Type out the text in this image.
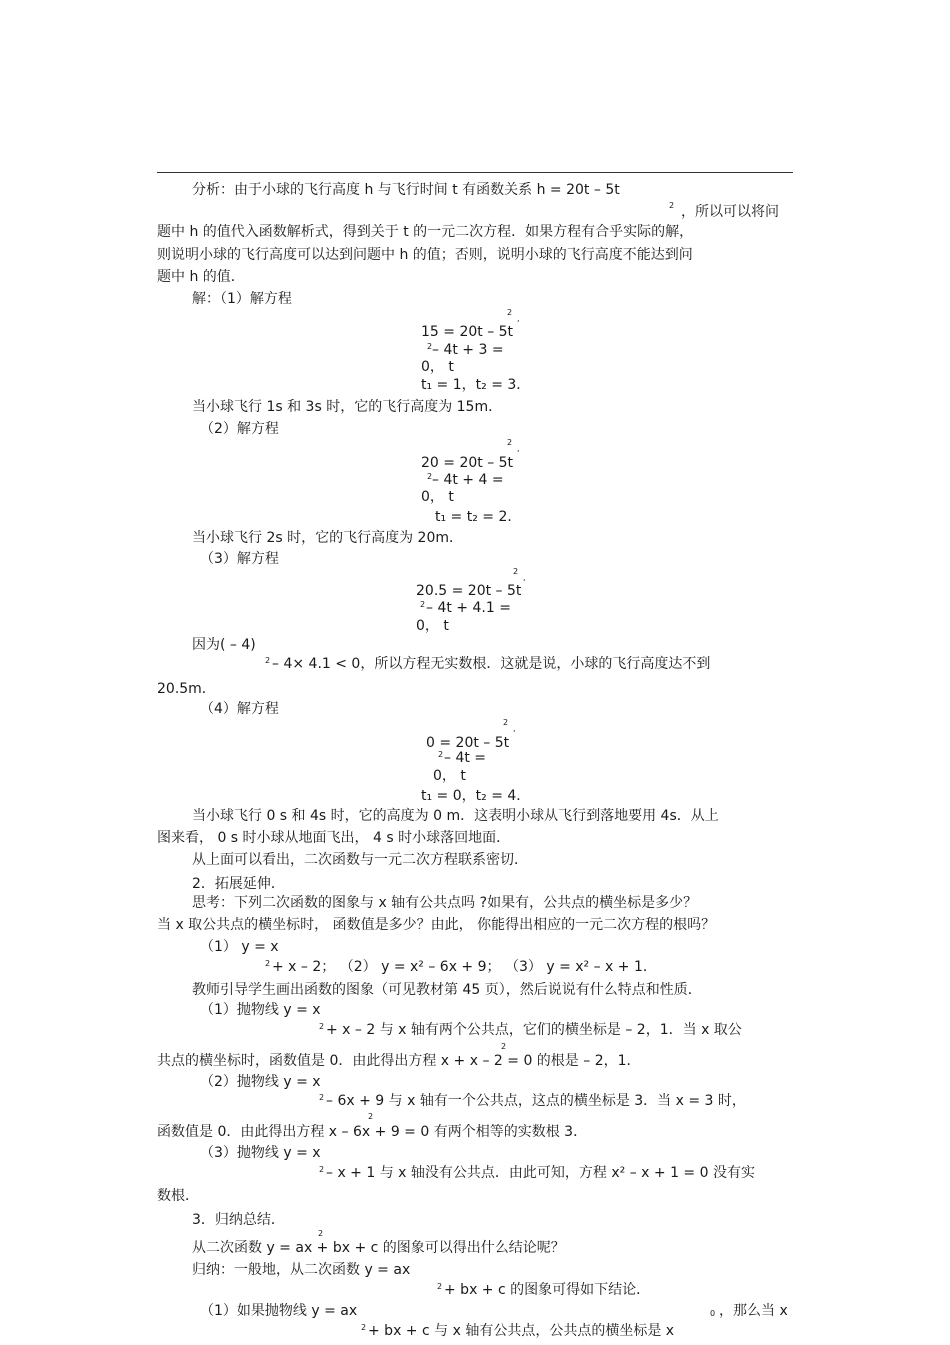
分析：由于小球的飞行高度 h 与飞行时间 t 有函数关系 h = 20t – 5t
，所以可以将问
题中 h 的值代入函数解析式，得到关于 t 的一元二次方程．如果方程有合乎实际的解，
则说明小球的飞行高度可以达到问题中 h 的值；否则，说明小球的飞行高度不能达到问
题中 h 的值．
解：（1）解方程
15 = 20t – 5t
– 4t + 3 =
0， t
t₁ = 1，t₂ = 3．
当小球飞行 1s 和 3s 时，它的飞行高度为 15m．
（2）解方程
20 = 20t – 5t
– 4t + 4 =
0， t
t₁ = t₂ = 2．
当小球飞行 2s 时，它的飞行高度为 20m．
（3）解方程
20.5 = 20t – 5t
– 4t + 4.1 =
0， t
因为( – 4)
– 4× 4.1 < 0，所以方程无实数根．这就是说，小球的飞行高度达不到
20.5m．
（4）解方程
0 = 20t – 5t
– 4t =
0， t
t₁ = 0，t₂ = 4．
当小球飞行 0 s 和 4s 时，它的高度为 0 m．这表明小球从飞行到落地要用 4s．从上
图来看， 0 s 时小球从地面飞出， 4 s 时小球落回地面．
从上面可以看出，二次函数与一元二次方程联系密切．
2．拓展延伸．
思考：下列二次函数的图象与 x 轴有公共点吗 ?如果有，公共点的横坐标是多少？
当 x 取公共点的横坐标时， 函数值是多少？由此， 你能得出相应的一元二次方程的根吗？
（1） y = x
+ x – 2； （2） y = x² – 6x + 9； （3） y = x² – x + 1．
教师引导学生画出函数的图象（可见教材第 45 页），然后说说有什么特点和性质．
（1）抛物线 y = x
+ x – 2 与 x 轴有两个公共点，它们的横坐标是 – 2，1．当 x 取公
共点的横坐标时，函数值是 0．由此得出方程 x + x – 2 = 0 的根是 – 2，1．
（2）抛物线 y = x
– 6x + 9 与 x 轴有一个公共点，这点的横坐标是 3．当 x = 3 时，
函数值是 0．由此得出方程 x – 6x + 9 = 0 有两个相等的实数根 3．
（3）抛物线 y = x
– x + 1 与 x 轴没有公共点．由此可知，方程 x² – x + 1 = 0 没有实
数根．
3．归纳总结．
从二次函数 y = ax + bx + c 的图象可以得出什么结论呢？
归纳：一般地，从二次函数 y = ax
+ bx + c 的图象可得如下结论．
（1）如果抛物线 y = ax	，那么当 x
+ bx + c 与 x 轴有公共点，公共点的横坐标是 x
2
2
,
2
2
,
2
2
,
2
2
2
,
2
2
2
2
2
2
2
2
2
0
2
